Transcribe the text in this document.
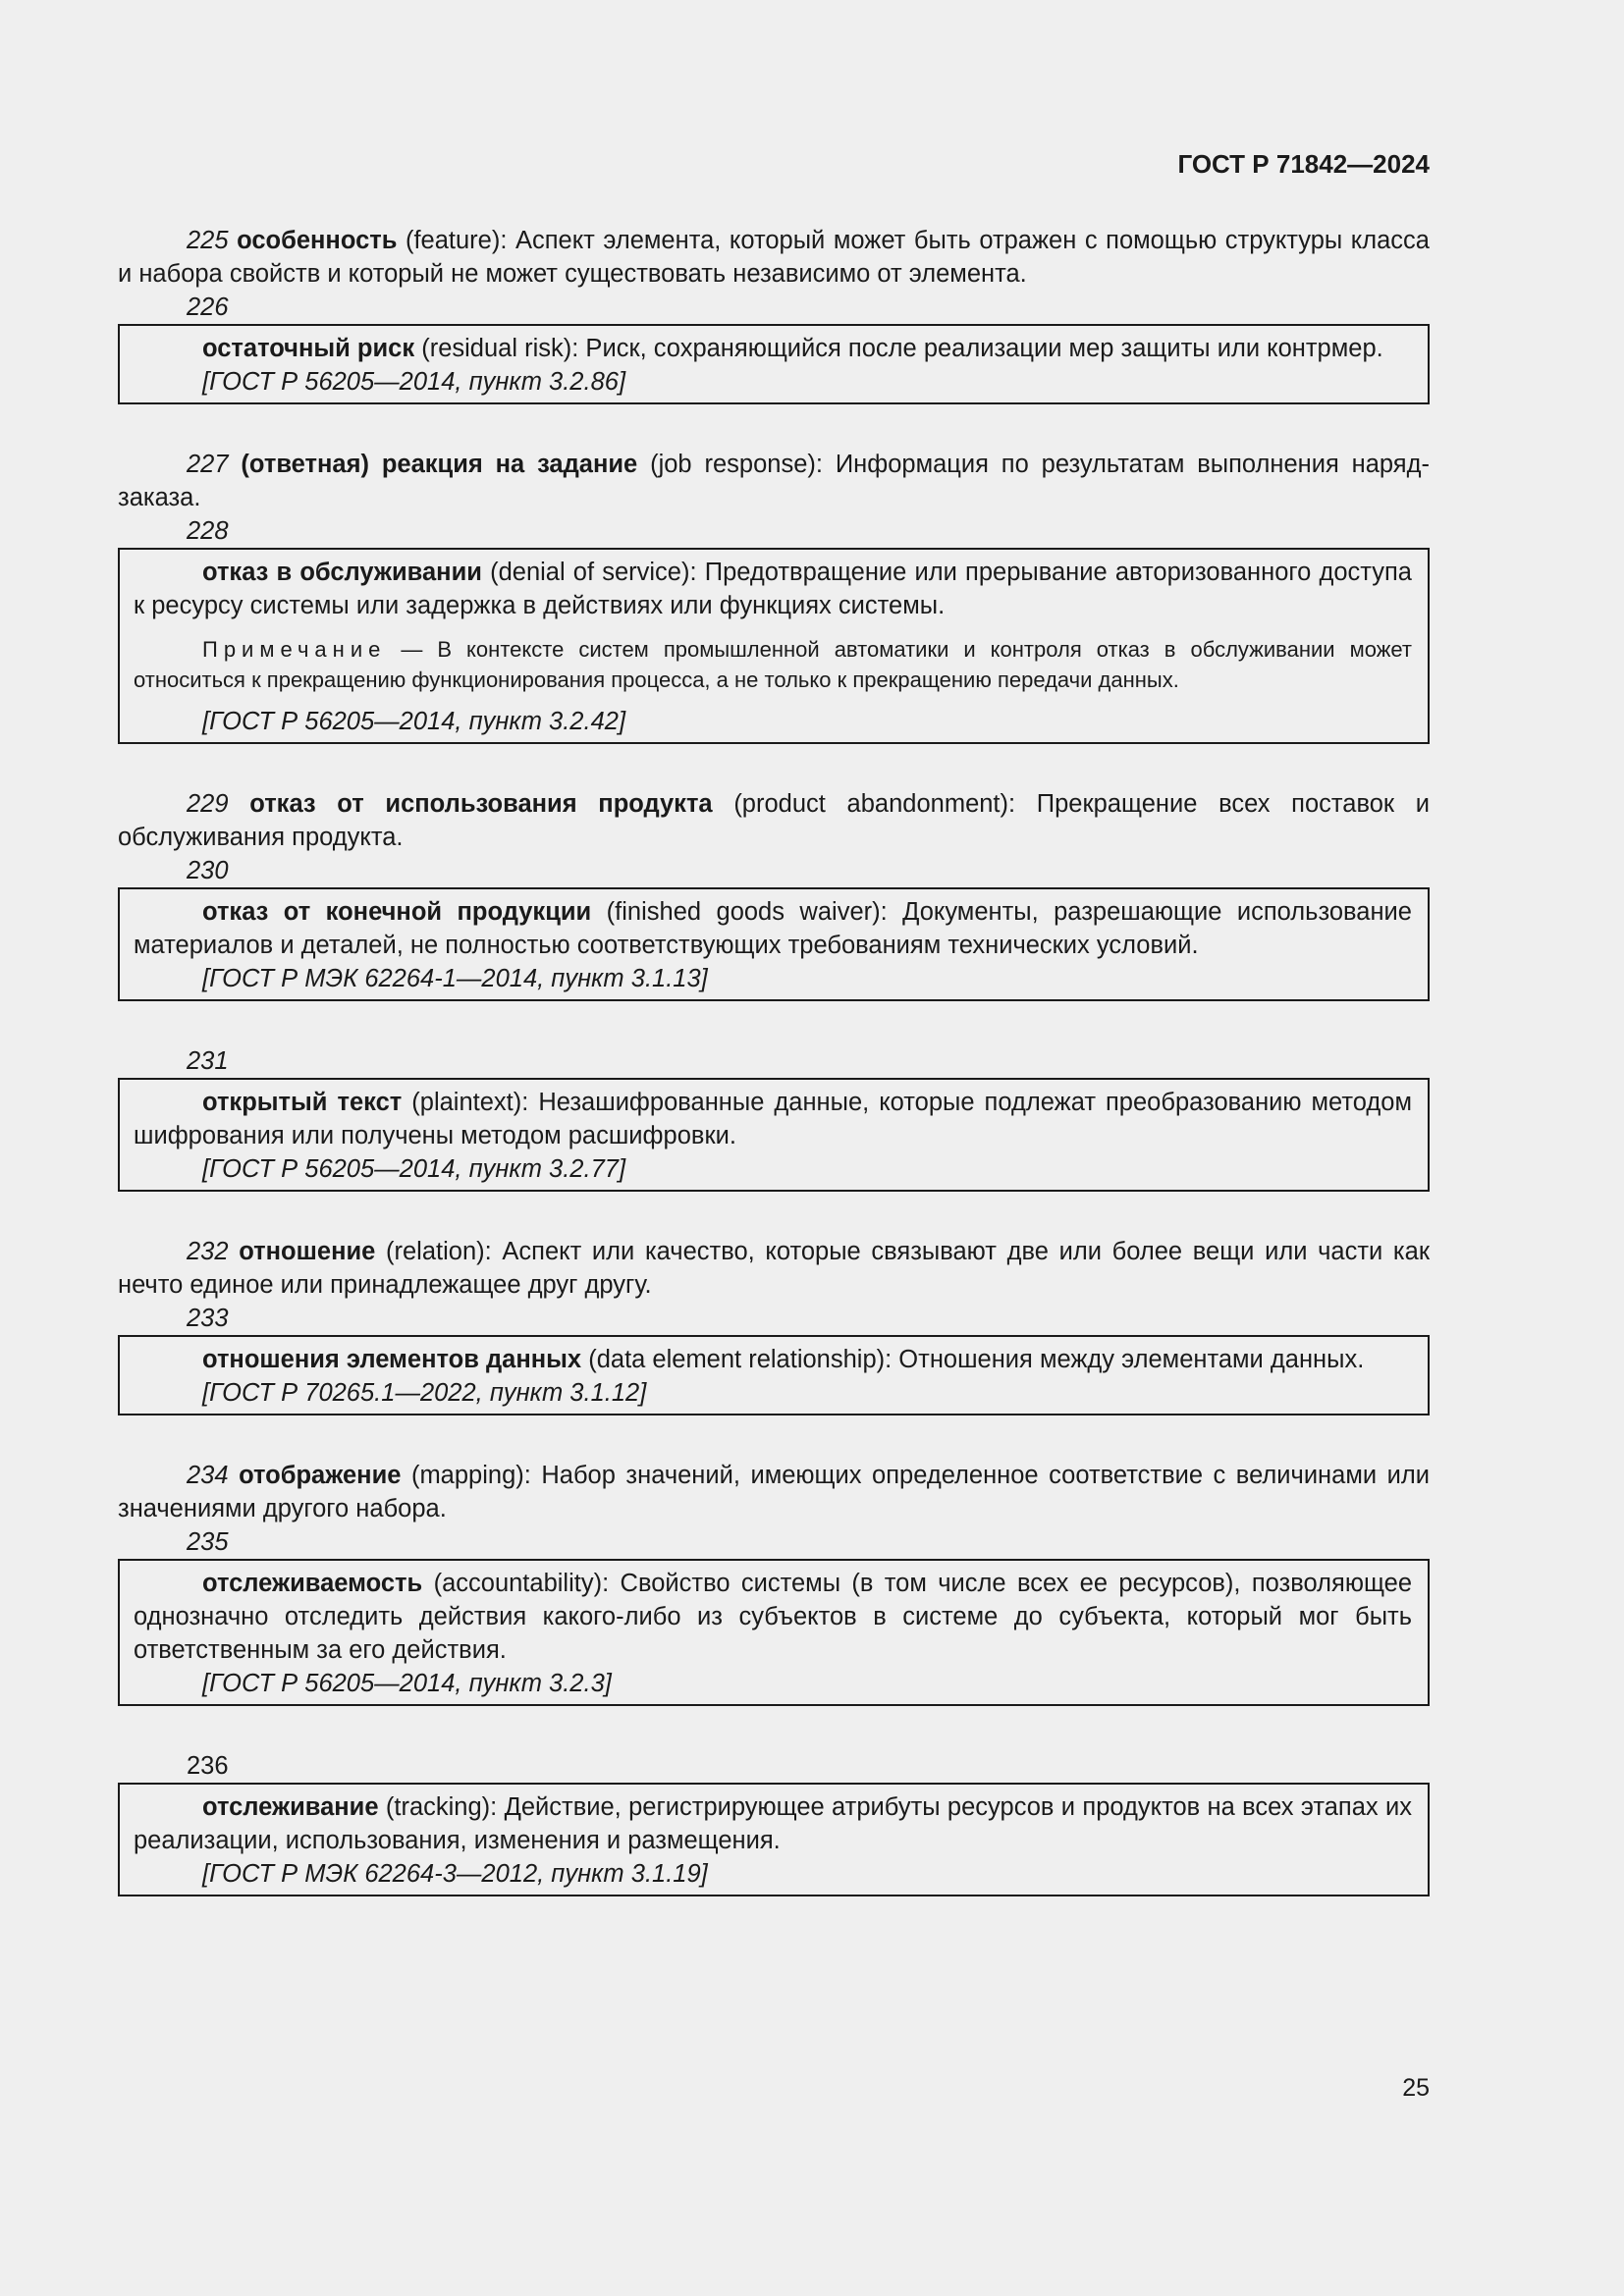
ГОСТ Р 71842—2024

225 особенность (feature): Аспект элемента, который может быть отражен с помощью структуры класса и набора свойств и который не может существовать независимо от элемента.

226

остаточный риск (residual risk): Риск, сохраняющийся после реализации мер защиты или контрмер.

[ГОСТ Р 56205—2014, пункт 3.2.86]

227 (ответная) реакция на задание (job response): Информация по результатам выполнения наряд-заказа.

228

отказ в обслуживании (denial of service): Предотвращение или прерывание авторизованного доступа к ресурсу системы или задержка в действиях или функциях системы.

Примечание — В контексте систем промышленной автоматики и контроля отказ в обслуживании может относиться к прекращению функционирования процесса, а не только к прекращению передачи данных.

[ГОСТ Р 56205—2014, пункт 3.2.42]

229 отказ от использования продукта (product abandonment): Прекращение всех поставок и обслуживания продукта.

230

отказ от конечной продукции (finished goods waiver): Документы, разрешающие использование материалов и деталей, не полностью соответствующих требованиям технических условий.

[ГОСТ Р МЭК 62264-1—2014, пункт 3.1.13]

231

открытый текст (plaintext): Незашифрованные данные, которые подлежат преобразованию методом шифрования или получены методом расшифровки.

[ГОСТ Р 56205—2014, пункт 3.2.77]

232 отношение (relation): Аспект или качество, которые связывают две или более вещи или части как нечто единое или принадлежащее друг другу.

233

отношения элементов данных (data element relationship): Отношения между элементами данных.

[ГОСТ Р 70265.1—2022, пункт 3.1.12]

234 отображение (mapping): Набор значений, имеющих определенное соответствие с величинами или значениями другого набора.

235

отслеживаемость (accountability): Свойство системы (в том числе всех ее ресурсов), позволяющее однозначно отследить действия какого-либо из субъектов в системе до субъекта, который мог быть ответственным за его действия.

[ГОСТ Р 56205—2014, пункт 3.2.3]

236

отслеживание (tracking): Действие, регистрирующее атрибуты ресурсов и продуктов на всех этапах их реализации, использования, изменения и размещения.

[ГОСТ Р МЭК 62264-3—2012, пункт 3.1.19]

25
